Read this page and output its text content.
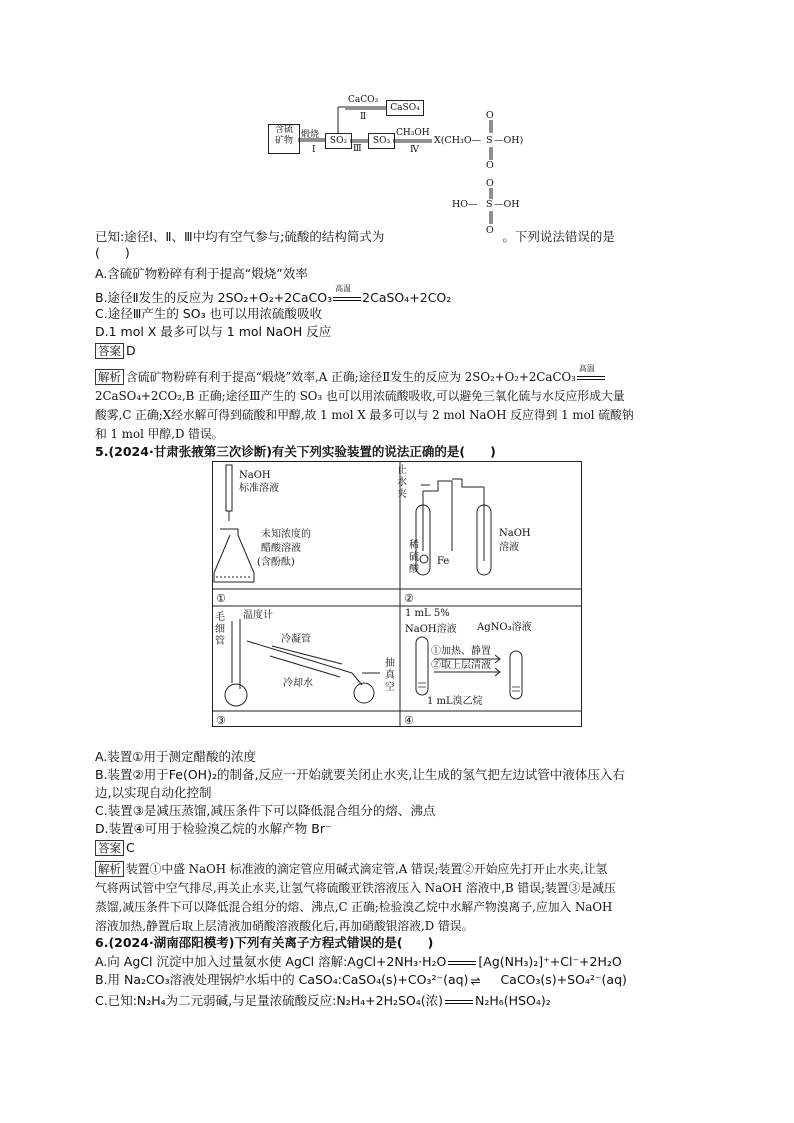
含硫
矿物
煅烧
Ⅰ
SO₂
CaCO₃
Ⅱ
CaSO₄
Ⅲ
SO₃
CH₃OH
Ⅳ
X(CH₃O— S —OH)
O
O
O
HO— S —OH
O
已知:途径Ⅰ、Ⅱ、Ⅲ中均有空气参与;硫酸的结构简式为	。下列说法错误的是
(　　)
A.含硫矿物粉碎有利于提高“煅烧”效率
B.途径Ⅱ发生的反应为 2SO₂+O₂+2CaCO₃
高温
2CaSO₄+2CO₂
C.途径Ⅲ产生的 SO₃ 也可以用浓硫酸吸收
D.1 mol X 最多可以与 1 mol NaOH 反应
答案 D
解析 含硫矿物粉碎有利于提高“煅烧”效率,A 正确;途径Ⅱ发生的反应为 2SO₂+O₂+2CaCO₃
高温
2CaSO₄+2CO₂,B 正确;途径Ⅲ产生的 SO₃ 也可以用浓硫酸吸收,可以避免三氧化硫与水反应形成大量
酸雾,C 正确;X经水解可得到硫酸和甲醇,故 1 mol X 最多可以与 2 mol NaOH 反应得到 1 mol 硫酸钠
和 1 mol 甲醇,D 错误。
5.(2024·甘肃张掖第三次诊断)有关下列实验装置的说法正确的是(　　)
NaOH
标准溶液
未知浓度的
醋酸溶液
(含酚酞)
①
止
水
夹
稀
硫
酸
Fe
NaOH
溶液
②
毛
细
管
温度计
冷凝管
冷却水
抽
真
空
③
1 mL 5%
NaOH溶液 AgNO₃溶液
①加热、静置
②取上层清液
1 mL溴乙烷
④
A.装置①用于测定醋酸的浓度
B.装置②用于Fe(OH)₂的制备,反应一开始就要关闭止水夹,让生成的氢气把左边试管中液体压入右
边,以实现自动化控制
C.装置③是减压蒸馏,减压条件下可以降低混合组分的熔、沸点
D.装置④可用于检验溴乙烷的水解产物 Br⁻
答案 C
解析 装置①中盛 NaOH 标准液的滴定管应用碱式滴定管,A 错误;装置②开始应先打开止水夹,让氢
气将两试管中空气排尽,再关止水夹,让氢气将硫酸亚铁溶液压入 NaOH 溶液中,B 错误;装置③是减压
蒸馏,减压条件下可以降低混合组分的熔、沸点,C 正确;检验溴乙烷中水解产物溴离子,应加入 NaOH
溶液加热,静置后取上层清液加硝酸溶液酸化后,再加硝酸银溶液,D 错误。
6.(2024·湖南邵阳模考)下列有关离子方程式错误的是(　　)
A.向 AgCl 沉淀中加入过量氨水使 AgCl 溶解:AgCl+2NH₃·H₂O	[Ag(NH₃)₂]⁺+Cl⁻+2H₂O
B.用 Na₂CO₃溶液处理锅炉水垢中的 CaSO₄:CaSO₄(s)+CO₃²⁻(aq) ⇌ CaCO₃(s)+SO₄²⁻(aq)
C.已知:N₂H₄为二元弱碱,与足量浓硫酸反应:N₂H₄+2H₂SO₄(浓)	N₂H₆(HSO₄)₂
